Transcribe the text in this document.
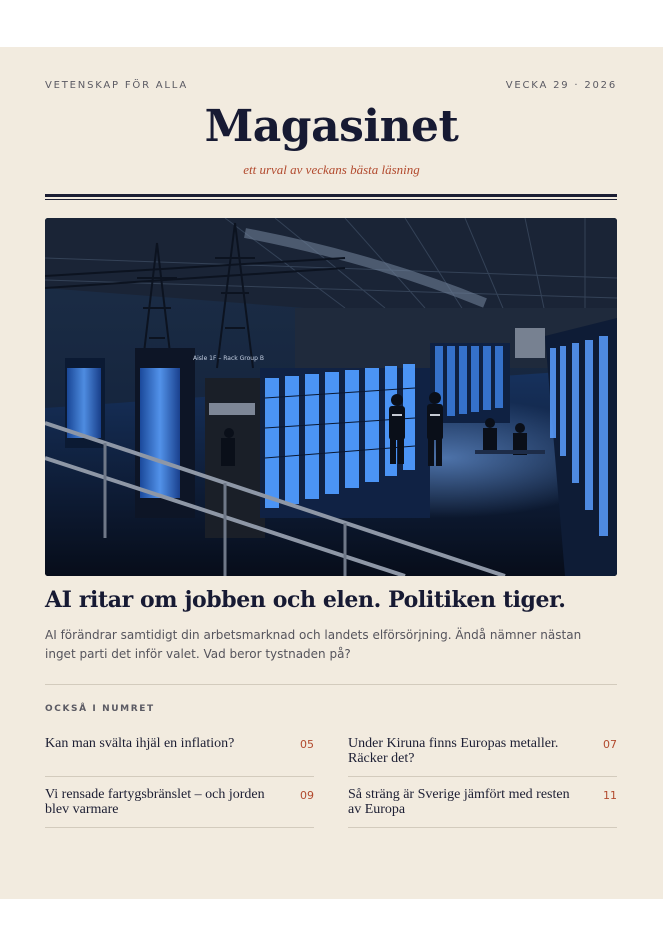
VETENSKAP FÖR ALLA	VECKA 29 · 2026
Magasinet
ett urval av veckans bästa läsning
Aisle 1F – Rack Group B
AI ritar om jobben och elen. Politiken tiger.
AI förändrar samtidigt din arbetsmarknad och landets elförsörjning. Ändå nämner nästan inget parti det inför valet. Vad beror tystnaden på?
OCKSÅ I NUMRET
Kan man svälta ihjäl en inflation?	05 Under Kiruna finns Europas metaller. Räcker det?
07
Vi rensade fartygsbränslet – och jorden blev varmare
09 Så sträng är Sverige jämfört med resten av Europa
11
